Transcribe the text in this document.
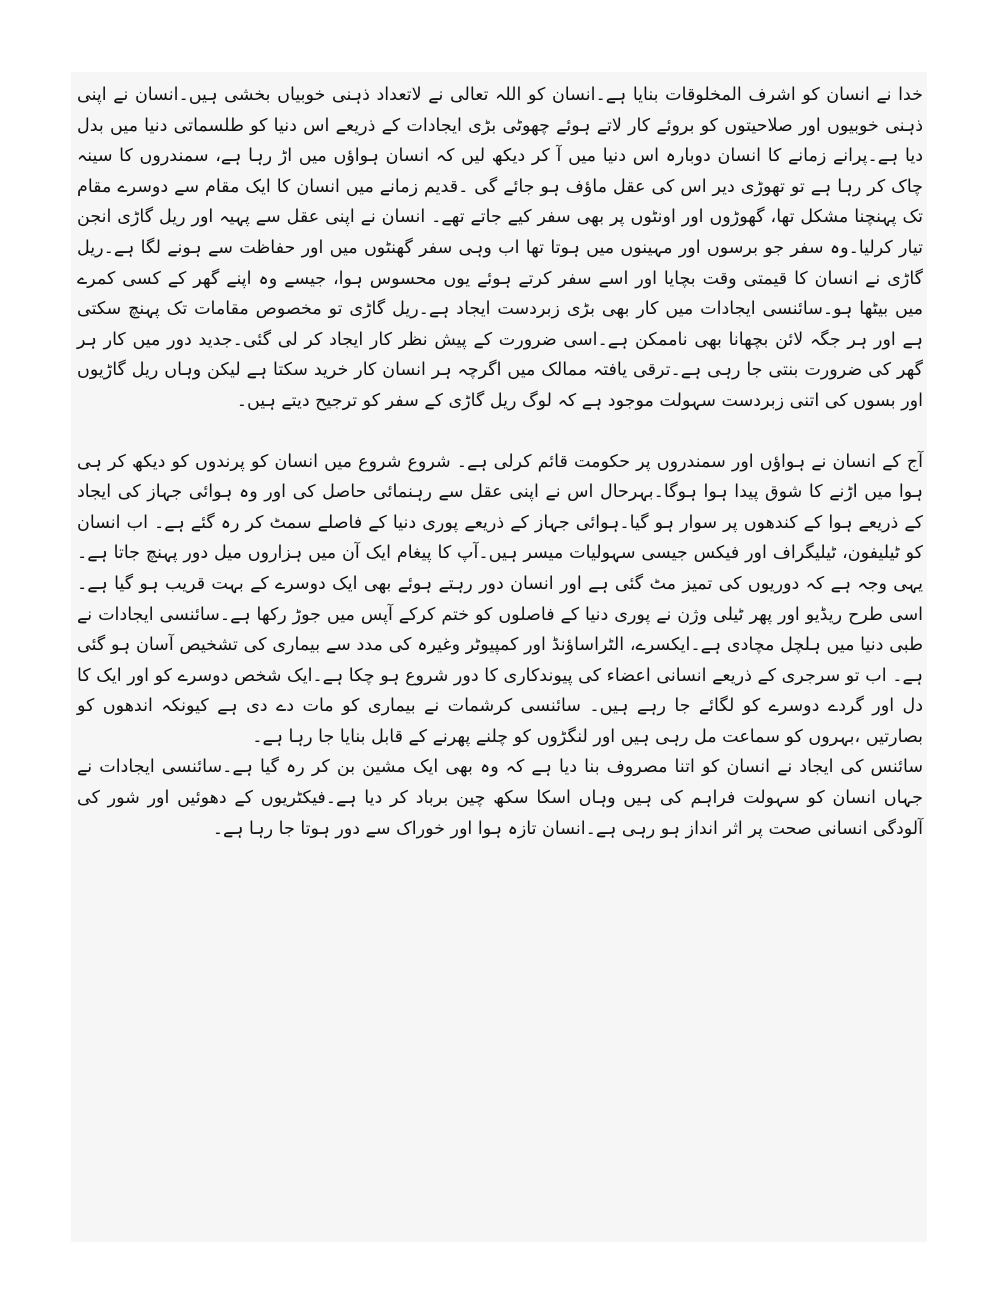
خدا نے انسان کو اشرف المخلوقات بنایا ہے۔انسان کو اللہ تعالی نے لاتعداد ذہنی خوبیاں بخشی ہیں۔انسان نے اپنی ذہنی خوبیوں اور صلاحیتوں کو بروئے کار لاتے ہوئے چھوٹی بڑی ایجادات کے ذریعے اس دنیا کو طلسماتی دنیا میں بدل دیا ہے۔پرانے زمانے کا انسان دوبارہ اس دنیا میں آ کر دیکھ لیں کہ انسان ہواؤں میں اڑ رہا ہے، سمندروں کا سینہ چاک کر رہا ہے تو تھوڑی دیر اس کی عقل ماؤف ہو جائے گی ۔قدیم زمانے میں انسان کا ایک مقام سے دوسرے مقام تک پہنچنا مشکل تھا، گھوڑوں اور اونٹوں پر بھی سفر کیے جاتے تھے۔ انسان نے اپنی عقل سے پہیہ اور ریل گاڑی انجن تیار کرلیا۔وہ سفر جو برسوں اور مہینوں میں ہوتا تھا اب وہی سفر گھنٹوں میں اور حفاظت سے ہونے لگا ہے۔ریل گاڑی نے انسان کا قیمتی وقت بچایا اور اسے سفر کرتے ہوئے یوں محسوس ہوا، جیسے وہ اپنے گھر کے کسی کمرے میں بیٹھا ہو۔سائنسی ایجادات میں کار بھی بڑی زبردست ایجاد ہے۔ریل گاڑی تو مخصوص مقامات تک پہنچ سکتی ہے اور ہر جگہ لائن بچھانا بھی ناممکن ہے۔اسی ضرورت کے پیش نظر کار ایجاد کر لی گئی۔جدید دور میں کار ہر گھر کی ضرورت بنتی جا رہی ہے۔ترقی یافتہ ممالک میں اگرچہ ہر انسان کار خرید سکتا ہے لیکن وہاں ریل گاڑیوں اور بسوں کی اتنی زبردست سہولت موجود ہے کہ لوگ ریل گاڑی کے سفر کو ترجیح دیتے ہیں۔

آج کے انسان نے ہواؤں اور سمندروں پر حکومت قائم کرلی ہے۔ شروع شروع میں انسان کو پرندوں کو دیکھ کر ہی ہوا میں اڑنے کا شوق پیدا ہوا ہوگا۔بہرحال اس نے اپنی عقل سے رہنمائی حاصل کی اور وہ ہوائی جہاز کی ایجاد کے ذریعے ہوا کے کندھوں پر سوار ہو گیا۔ہوائی جہاز کے ذریعے پوری دنیا کے فاصلے سمٹ کر رہ گئے ہے۔ اب انسان کو ٹیلیفون، ٹیلیگراف اور فیکس جیسی سہولیات میسر ہیں۔آپ کا پیغام ایک آن میں ہزاروں میل دور پہنچ جاتا ہے۔یہی وجہ ہے کہ دوریوں کی تمیز مٹ گئی ہے اور انسان دور رہتے ہوئے بھی ایک دوسرے کے بہت قریب ہو گیا ہے۔اسی طرح ریڈیو اور پھر ٹیلی وژن نے پوری دنیا کے فاصلوں کو ختم کرکے آپس میں جوڑ رکھا ہے۔سائنسی ایجادات نے طبی دنیا میں ہلچل مچادی ہے۔ایکسرے، الٹراساؤنڈ اور کمپیوٹر وغیرہ کی مدد سے بیماری کی تشخیص آسان ہو گئی ہے۔ اب تو سرجری کے ذریعے انسانی اعضاء کی پیوندکاری کا دور شروع ہو چکا ہے۔ایک شخص دوسرے کو اور ایک کا دل اور گردے دوسرے کو لگائے جا رہے ہیں۔ سائنسی کرشمات نے بیماری کو مات دے دی ہے کیونکہ اندھوں کو بصارتیں ،بہروں کو سماعت مل رہی ہیں اور لنگڑوں کو چلنے پھرنے کے قابل بنایا جا رہا ہے۔

سائنس کی ایجاد نے انسان کو اتنا مصروف بنا دیا ہے کہ وہ بھی ایک مشین بن کر رہ گیا ہے۔سائنسی ایجادات نے جہاں انسان کو سہولت فراہم کی ہیں وہاں اسکا سکھ چین برباد کر دیا ہے۔فیکٹریوں کے دھوئیں اور شور کی آلودگی انسانی صحت پر اثر انداز ہو رہی ہے۔انسان تازہ ہوا اور خوراک سے دور ہوتا جا رہا ہے۔
